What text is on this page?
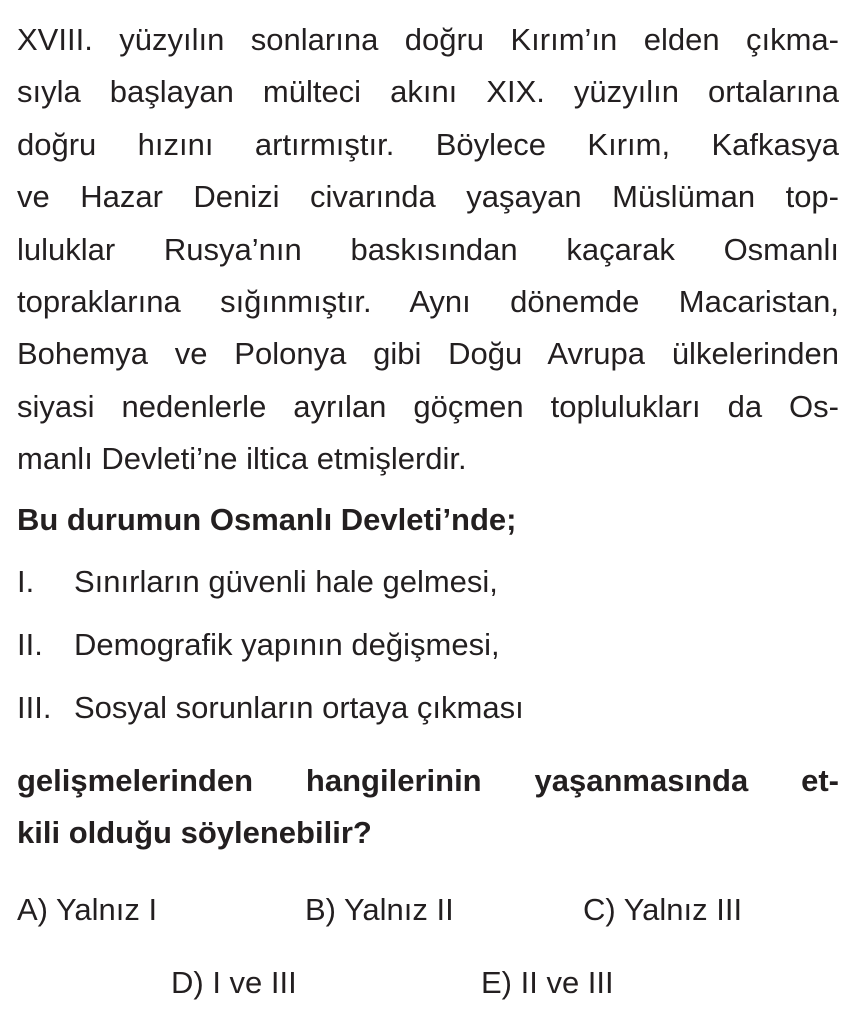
XVIII. yüzyılın sonlarına doğru Kırım’ın elden çıkma-
sıyla başlayan mülteci akını XIX. yüzyılın ortalarına
doğru hızını artırmıştır. Böylece Kırım, Kafkasya
ve Hazar Denizi civarında yaşayan Müslüman top-
luluklar Rusya’nın baskısından kaçarak Osmanlı
topraklarına sığınmıştır. Aynı dönemde Macaristan,
Bohemya ve Polonya gibi Doğu Avrupa ülkelerinden
siyasi nedenlerle ayrılan göçmen toplulukları da Os-
manlı Devleti’ne iltica etmişlerdir.
Bu durumun Osmanlı Devleti’nde;
I. Sınırların güvenli hale gelmesi,
II. Demografik yapının değişmesi,
III. Sosyal sorunların ortaya çıkması
gelişmelerinden hangilerinin yaşanmasında et-
kili olduğu söylenebilir?
A) Yalnız I	B) Yalnız II	C) Yalnız III
D) I ve III	E) II ve III
